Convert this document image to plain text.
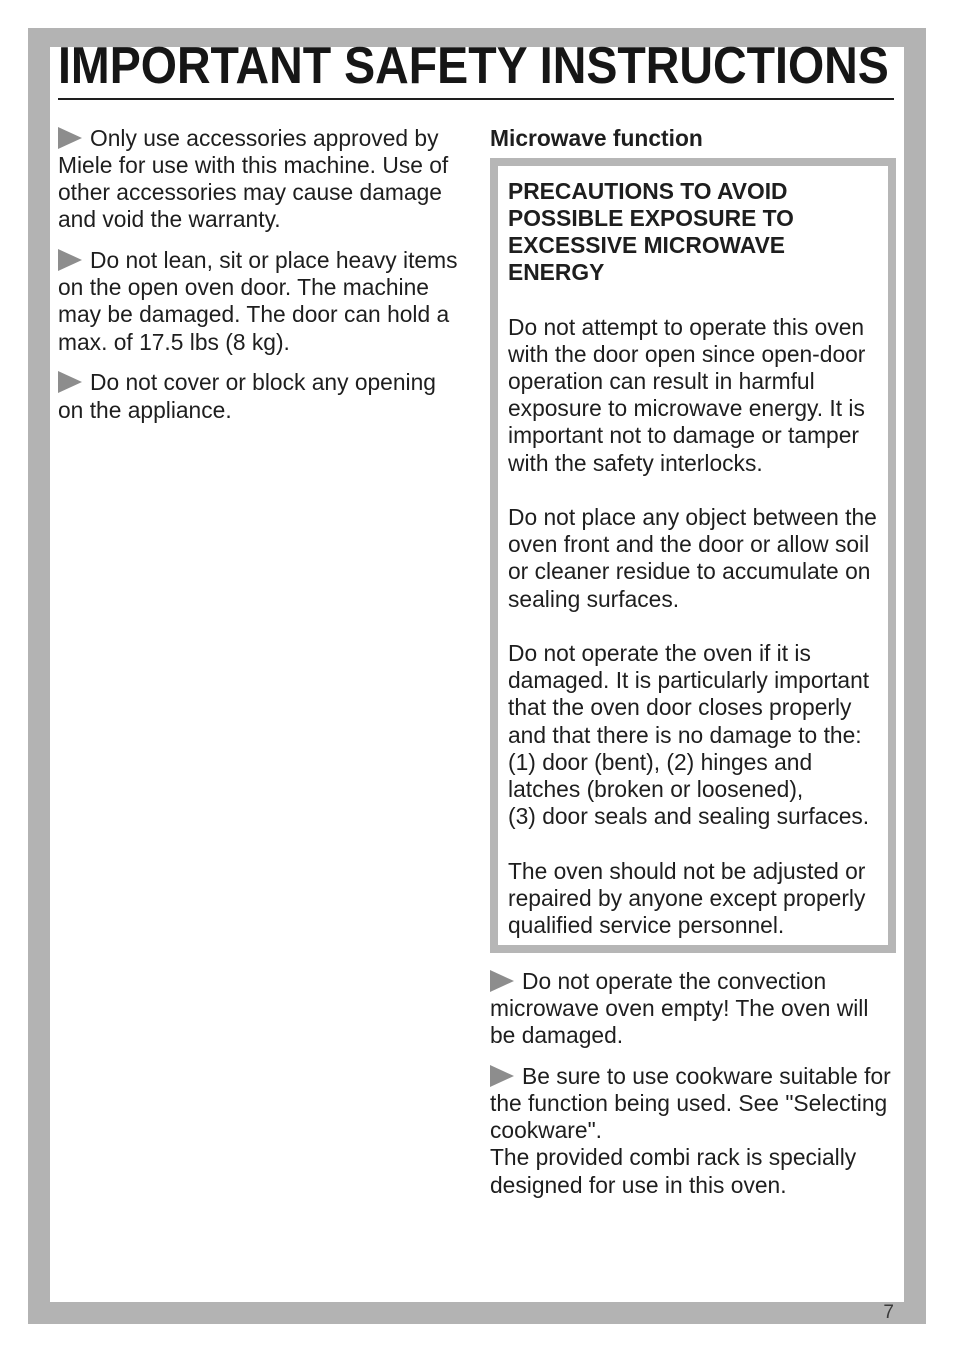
IMPORTANT SAFETY INSTRUCTIONS
Only use accessories approved by
Miele for use with this machine. Use of
other accessories may cause damage
and void the warranty.
Do not lean, sit or place heavy items
on the open oven door. The machine
may be damaged. The door can hold a
max. of 17.5 lbs (8 kg).
Do not cover or block any opening
on the appliance.
Microwave function
PRECAUTIONS TO AVOID
POSSIBLE EXPOSURE TO
EXCESSIVE MICROWAVE
ENERGY
Do not attempt to operate this oven
with the door open since open-door
operation can result in harmful
exposure to microwave energy. It is
important not to damage or tamper
with the safety interlocks.
Do not place any object between the
oven front and the door or allow soil
or cleaner residue to accumulate on
sealing surfaces.
Do not operate the oven if it is
damaged. It is particularly important
that the oven door closes properly
and that there is no damage to the:
(1) door (bent), (2) hinges and
latches (broken or loosened),
(3) door seals and sealing surfaces.
The oven should not be adjusted or
repaired by anyone except properly
qualified service personnel.
Do not operate the convection
microwave oven empty! The oven will
be damaged.
Be sure to use cookware suitable for
the function being used. See "Selecting
cookware".
The provided combi rack is specially
designed for use in this oven.
7
